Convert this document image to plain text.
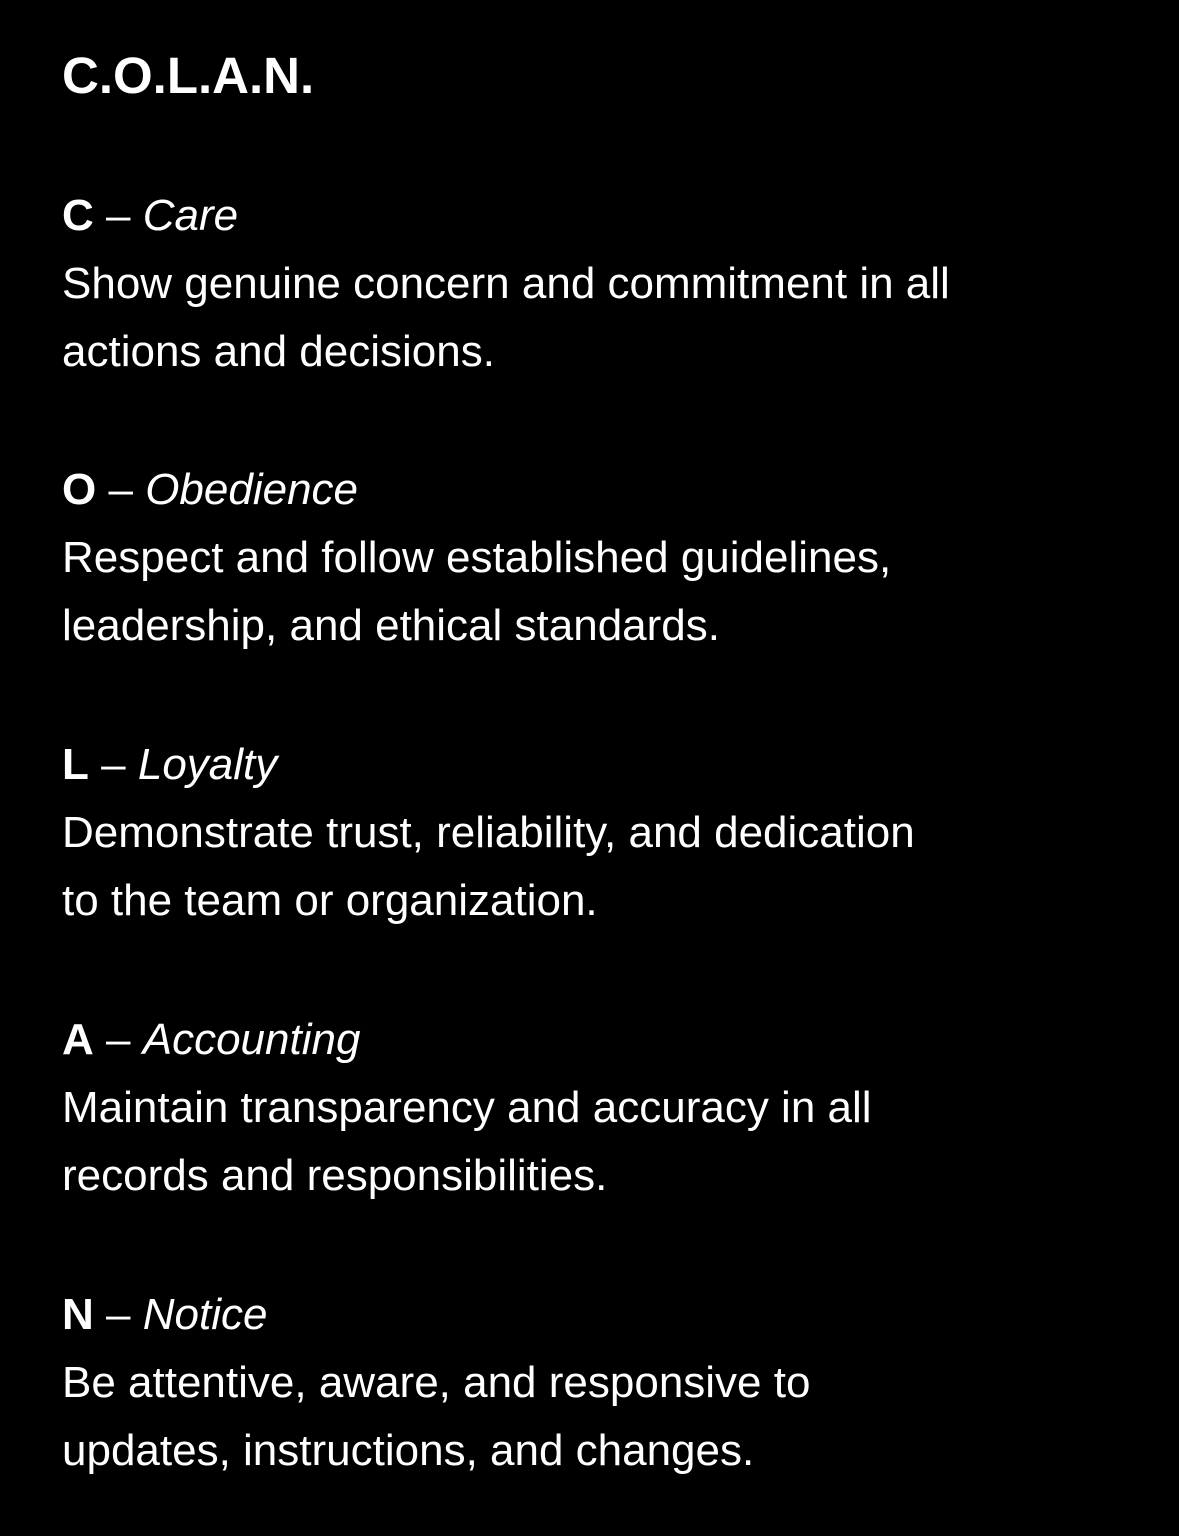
C.O.L.A.N.
C – Care
Show genuine concern and commitment in all
actions and decisions.
O – Obedience
Respect and follow established guidelines,
leadership, and ethical standards.
L – Loyalty
Demonstrate trust, reliability, and dedication
to the team or organization.
A – Accounting
Maintain transparency and accuracy in all
records and responsibilities.
N – Notice
Be attentive, aware, and responsive to
updates, instructions, and changes.
